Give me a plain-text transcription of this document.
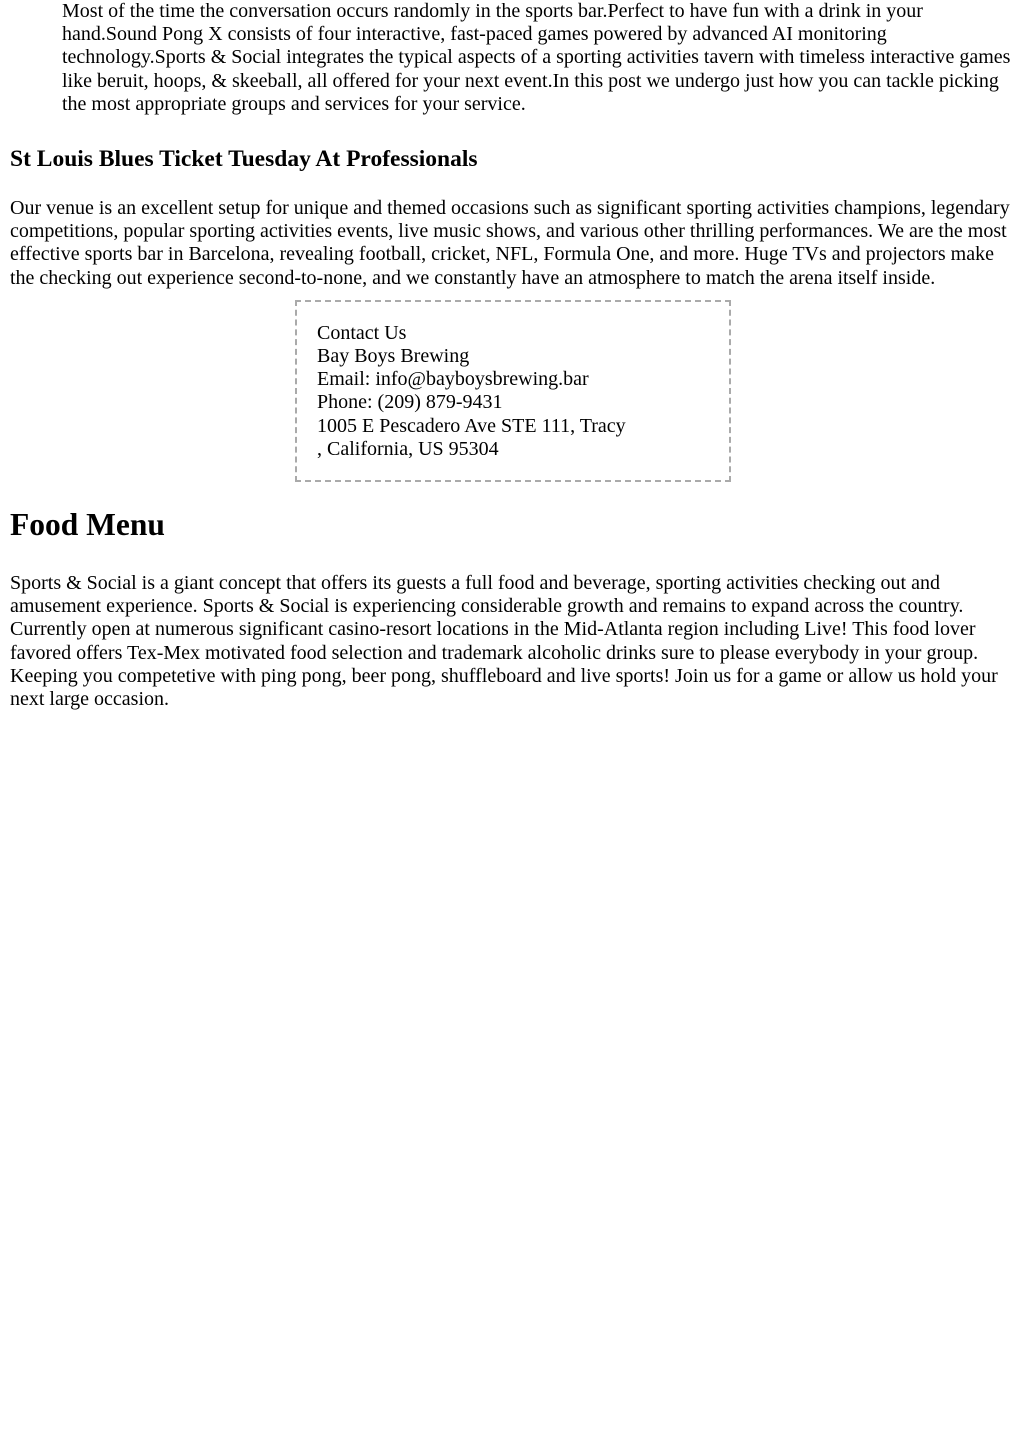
Most of the time the conversation occurs randomly in the sports bar.Perfect to have fun with a drink in your hand.Sound Pong X consists of four interactive, fast-paced games powered by advanced AI monitoring technology.Sports & Social integrates the typical aspects of a sporting activities tavern with timeless interactive games like beruit, hoops, & skeeball, all offered for your next event.In this post we undergo just how you can tackle picking the most appropriate groups and services for your service.

St Louis Blues Ticket Tuesday At Professionals

Our venue is an excellent setup for unique and themed occasions such as significant sporting activities champions, legendary competitions, popular sporting activities events, live music shows, and various other thrilling performances. We are the most effective sports bar in Barcelona, revealing football, cricket, NFL, Formula One, and more. Huge TVs and projectors make the checking out experience second-to-none, and we constantly have an atmosphere to match the arena itself inside.

Contact Us
Bay Boys Brewing
Email: info@bayboysbrewing.bar
Phone: (209) 879-9431
1005 E Pescadero Ave STE 111, Tracy
, California, US 95304
Food Menu

Sports & Social is a giant concept that offers its guests a full food and beverage, sporting activities checking out and amusement experience. Sports & Social is experiencing considerable growth and remains to expand across the country. Currently open at numerous significant casino-resort locations in the Mid-Atlanta region including Live! This food lover favored offers Tex-Mex motivated food selection and trademark alcoholic drinks sure to please everybody in your group. Keeping you competetive with ping pong, beer pong, shuffleboard and live sports! Join us for a game or allow us hold your next large occasion.
